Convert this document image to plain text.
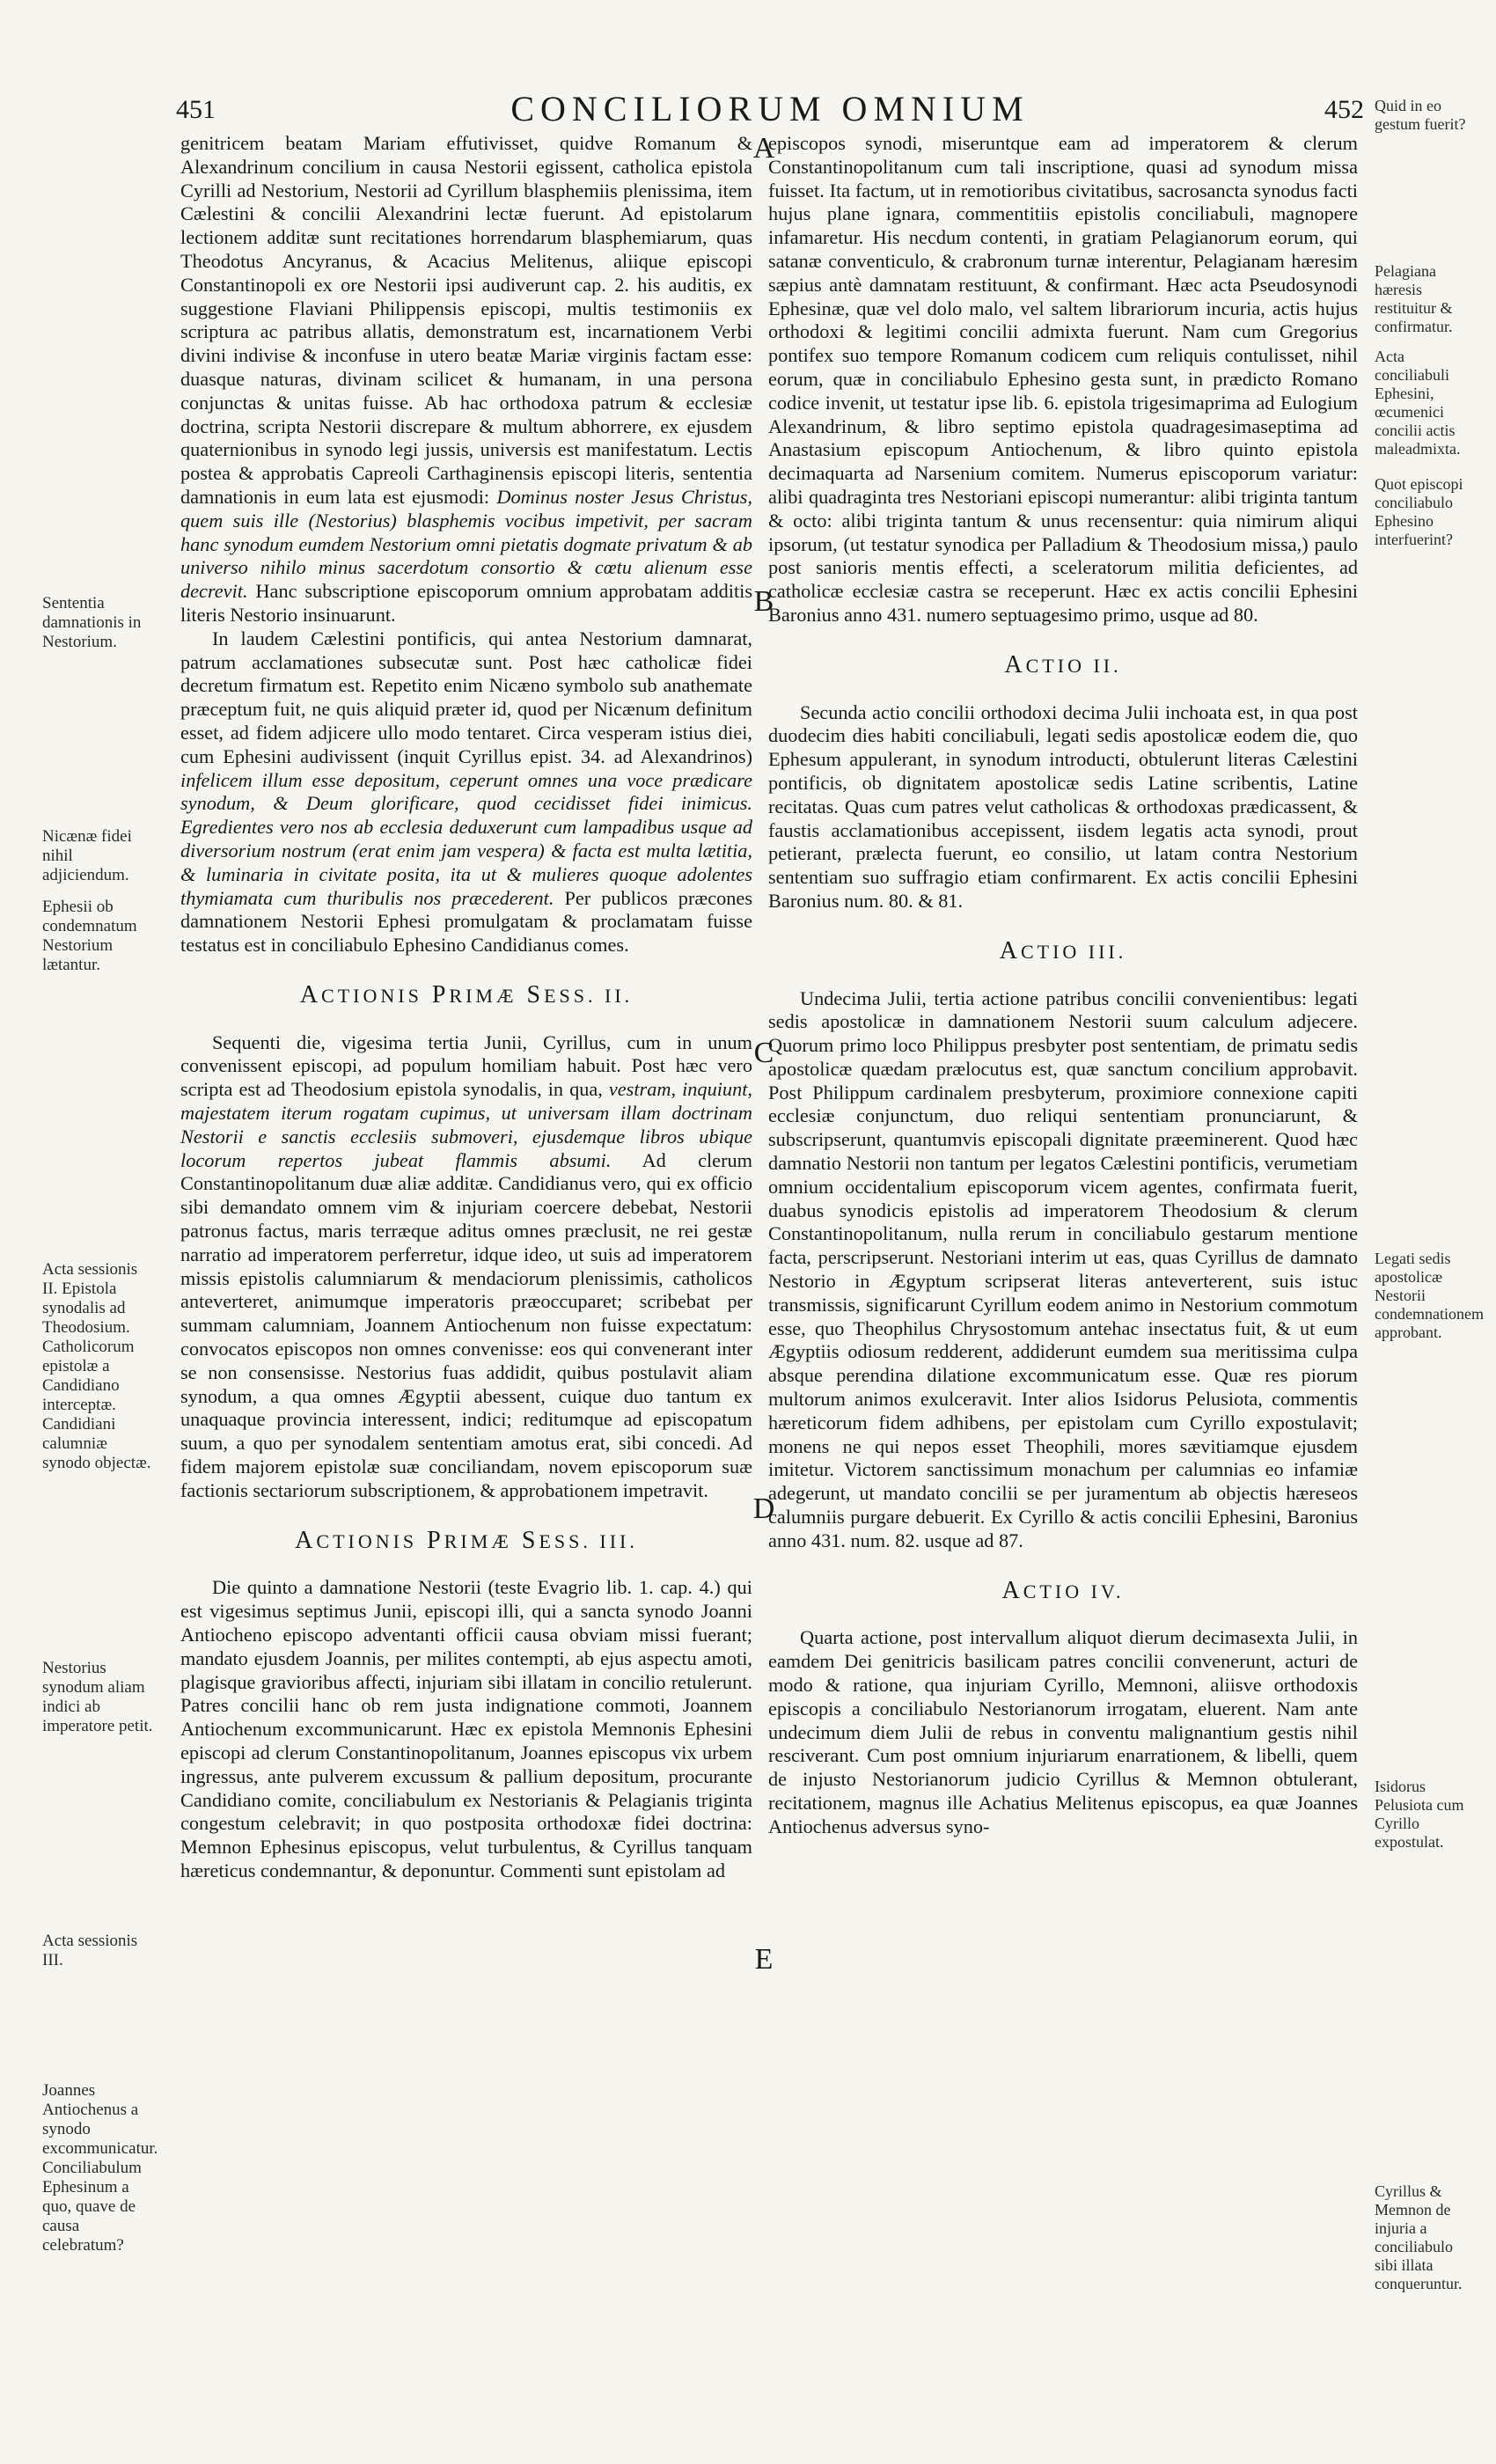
451	CONCILIORUM OMNIUM	452

genitricem beatam Mariam effutivisset, quidve Romanum & Alexandrinum concilium in causa Nestorii egissent, catholica epistola Cyrilli ad Nestorium, Nestorii ad Cyrillum blasphemiis plenissima, item Cælestini & concilii Alexandrini lectæ fuerunt. Ad epistolarum lectionem additæ sunt recitationes horrendarum blasphemiarum, quas Theodotus Ancyranus, & Acacius Melitenus, aliique episcopi Constantinopoli ex ore Nestorii ipsi audiverunt cap. 2. his auditis, ex suggestione Flaviani Philippensis episcopi, multis testimoniis ex scriptura ac patribus allatis, demonstratum est, incarnationem Verbi divini indivise & inconfuse in utero beatæ Mariæ virginis factam esse: duasque naturas, divinam scilicet & humanam, in una persona conjunctas & unitas fuisse. Ab hac orthodoxa patrum & ecclesiæ doctrina, scripta Nestorii discrepare & multum abhorrere, ex ejusdem quaternionibus in synodo legi jussis, universis est manifestatum. Lectis postea & approbatis Capreoli Carthaginensis episcopi literis, sententia damnationis in eum lata est ejusmodi: Dominus noster Jesus Christus, quem suis ille (Nestorius) blasphemis vocibus impetivit, per sacram hanc synodum eumdem Nestorium omni pietatis dogmate privatum & ab universo nihilo minus sacerdotum consortio & cœtu alienum esse decrevit. Hanc subscriptione episcoporum omnium approbatam additis literis Nestorio insinuarunt.

In laudem Cælestini pontificis, qui antea Nestorium damnarat, patrum acclamationes subsecutæ sunt. Post hæc catholicæ fidei decretum firmatum est. Repetito enim Nicæno symbolo sub anathemate præceptum fuit, ne quis aliquid præter id, quod per Nicænum definitum esset, ad fidem adjicere ullo modo tentaret. Circa vesperam istius diei, cum Ephesini audivissent (inquit Cyrillus epist. 34. ad Alexandrinos) infelicem illum esse depositum, ceperunt omnes una voce prædicare synodum, & Deum glorificare, quod cecidisset fidei inimicus. Egredientes vero nos ab ecclesia deduxerunt cum lampadibus usque ad diversorium nostrum (erat enim jam vespera) & facta est multa lætitia, & luminaria in civitate posita, ita ut & mulieres quoque adolentes thymiamata cum thuribulis nos præcederent. Per publicos præcones damnationem Nestorii Ephesi promulgatam & proclamatam fuisse testatus est in conciliabulo Ephesino Candidianus comes.

ACTIONIS PRIMÆ SESS. II.

Sequenti die, vigesima tertia Junii, Cyrillus, cum in unum convenissent episcopi, ad populum homiliam habuit. Post hæc vero scripta est ad Theodosium epistola synodalis, in qua, vestram, inquiunt, majestatem iterum rogatam cupimus, ut universam illam doctrinam Nestorii e sanctis ecclesiis submoveri, ejusdemque libros ubique locorum repertos jubeat flammis absumi. Ad clerum Constantinopolitanum duæ aliæ additæ. Candidianus vero, qui ex officio sibi demandato omnem vim & injuriam coercere debebat, Nestorii patronus factus, maris terræque aditus omnes præclusit, ne rei gestæ narratio ad imperatorem perferretur, idque ideo, ut suis ad imperatorem missis epistolis calumniarum & mendaciorum plenissimis, catholicos anteverteret, animumque imperatoris præoccuparet; scribebat per summam calumniam, Joannem Antiochenum non fuisse expectatum: convocatos episcopos non omnes convenisse: eos qui convenerant inter se non consensisse. Nestorius fuas addidit, quibus postulavit aliam synodum, a qua omnes Ægyptii abessent, cuique duo tantum ex unaquaque provincia interessent, indici; reditumque ad episcopatum suum, a quo per synodalem sententiam amotus erat, sibi concedi. Ad fidem majorem epistolæ suæ conciliandam, novem episcoporum suæ factionis sectariorum subscriptionem, & approbationem impetravit.

ACTIONIS PRIMÆ SESS. III.

Die quinto a damnatione Nestorii (teste Evagrio lib. 1. cap. 4.) qui est vigesimus septimus Junii, episcopi illi, qui a sancta synodo Joanni Antiocheno episcopo adventanti officii causa obviam missi fuerant; mandato ejusdem Joannis, per milites contempti, ab ejus aspectu amoti, plagisque gravioribus affecti, injuriam sibi illatam in concilio retulerunt. Patres concilii hanc ob rem justa indignatione commoti, Joannem Antiochenum excommunicarunt. Hæc ex epistola Memnonis Ephesini episcopi ad clerum Constantinopolitanum, Joannes episcopus vix urbem ingressus, ante pulverem excussum & pallium depositum, procurante Candidiano comite, conciliabulum ex Nestorianis & Pelagianis triginta congestum celebravit; in quo postposita orthodoxæ fidei doctrina: Memnon Ephesinus episcopus, velut turbulentus, & Cyrillus tanquam hæreticus condemnantur, & deponuntur. Commenti sunt epistolam ad

episcopos synodi, miseruntque eam ad imperatorem & clerum Constantinopolitanum cum tali inscriptione, quasi ad synodum missa fuisset. Ita factum, ut in remotioribus civitatibus, sacrosancta synodus facti hujus plane ignara, commentitiis epistolis conciliabuli, magnopere infamaretur. His necdum contenti, in gratiam Pelagianorum eorum, qui satanæ conventiculo, & crabronum turnæ interentur, Pelagianam hæresim sæpius antè damnatam restituunt, & confirmant. Hæc acta Pseudosynodi Ephesinæ, quæ vel dolo malo, vel saltem librariorum incuria, actis hujus orthodoxi & legitimi concilii admixta fuerunt. Nam cum Gregorius pontifex suo tempore Romanum codicem cum reliquis contulisset, nihil eorum, quæ in conciliabulo Ephesino gesta sunt, in prædicto Romano codice invenit, ut testatur ipse lib. 6. epistola trigesimaprima ad Eulogium Alexandrinum, & libro septimo epistola quadragesimaseptima ad Anastasium episcopum Antiochenum, & libro quinto epistola decimaquarta ad Narsenium comitem. Numerus episcoporum variatur: alibi quadraginta tres Nestoriani episcopi numerantur: alibi triginta tantum & octo: alibi triginta tantum & unus recensentur: quia nimirum aliqui ipsorum, (ut testatur synodica per Palladium & Theodosium missa,) paulo post sanioris mentis effecti, a sceleratorum militia deficientes, ad catholicæ ecclesiæ castra se receperunt. Hæc ex actis concilii Ephesini Baronius anno 431. numero septuagesimo primo, usque ad 80.

ACTIO II.

Secunda actio concilii orthodoxi decima Julii inchoata est, in qua post duodecim dies habiti conciliabuli, legati sedis apostolicæ eodem die, quo Ephesum appulerant, in synodum introducti, obtulerunt literas Cælestini pontificis, ob dignitatem apostolicæ sedis Latine scribentis, Latine recitatas. Quas cum patres velut catholicas & orthodoxas prædicassent, & faustis acclamationibus accepissent, iisdem legatis acta synodi, prout petierant, prælecta fuerunt, eo consilio, ut latam contra Nestorium sententiam suo suffragio etiam confirmarent. Ex actis concilii Ephesini Baronius num. 80. & 81.

ACTIO III.

Undecima Julii, tertia actione patribus concilii convenientibus: legati sedis apostolicæ in damnationem Nestorii suum calculum adjecere. Quorum primo loco Philippus presbyter post sententiam, de primatu sedis apostolicæ quædam prælocutus est, quæ sanctum concilium approbavit. Post Philippum cardinalem presbyterum, proximiore connexione capiti ecclesiæ conjunctum, duo reliqui sententiam pronunciarunt, & subscripserunt, quantumvis episcopali dignitate præeminerent. Quod hæc damnatio Nestorii non tantum per legatos Cælestini pontificis, verumetiam omnium occidentalium episcoporum vicem agentes, confirmata fuerit, duabus synodicis epistolis ad imperatorem Theodosium & clerum Constantinopolitanum, nulla rerum in conciliabulo gestarum mentione facta, perscripserunt. Nestoriani interim ut eas, quas Cyrillus de damnato Nestorio in Ægyptum scripserat literas anteverterent, suis istuc transmissis, significarunt Cyrillum eodem animo in Nestorium commotum esse, quo Theophilus Chrysostomum antehac insectatus fuit, & ut eum Ægyptiis odiosum redderent, addiderunt eumdem sua meritissima culpa absque perendina dilatione excommunicatum esse. Quæ res piorum multorum animos exulceravit. Inter alios Isidorus Pelusiota, commentis hæreticorum fidem adhibens, per epistolam cum Cyrillo expostulavit; monens ne qui nepos esset Theophili, mores sævitiamque ejusdem imitetur. Victorem sanctissimum monachum per calumnias eo infamiæ adegerunt, ut mandato concilii se per juramentum ab objectis hæreseos calumniis purgare debuerit. Ex Cyrillo & actis concilii Ephesini, Baronius anno 431. num. 82. usque ad 87.

ACTIO IV.

Quarta actione, post intervallum aliquot dierum decimasexta Julii, in eamdem Dei genitricis basilicam patres concilii convenerunt, acturi de modo & ratione, qua injuriam Cyrillo, Memnoni, aliisve orthodoxis episcopis a conciliabulo Nestorianorum irrogatam, eluerent. Nam ante undecimum diem Julii de rebus in conventu malignantium gestis nihil resciverant. Cum post omnium injuriarum enarrationem, & libelli, quem de injusto Nestorianorum judicio Cyrillus & Memnon obtulerant, recitationem, magnus ille Achatius Melitenus episcopus, ea quæ Joannes Antiochenus adversus syno-

A
B
C
D
E
Sententia damnationis in Nestorium.
Nicænæ fidei nihil adjiciendum.
Ephesii ob condemnatum Nestorium lætantur.
Acta sessionis II. Epistola synodalis ad Theodosium. Catholicorum epistolæ a Candidiano interceptæ. Candidiani calumniæ synodo objectæ.
Nestorius synodum aliam indici ab imperatore petit.
Acta sessionis III.
Joannes Antiochenus a synodo excommunicatur. Conciliabulum Ephesinum a quo, quave de causa celebratum?
Quid in eo gestum fuerit?
Pelagiana hæresis restituitur & confirmatur.
Acta conciliabuli Ephesini, œcumenici concilii actis maleadmixta.
Quot episcopi conciliabulo Ephesino interfuerint?
Legati sedis apostolicæ Nestorii condemnationem approbant.
Isidorus Pelusiota cum Cyrillo expostulat.
Cyrillus & Memnon de injuria a conciliabulo sibi illata conqueruntur.
